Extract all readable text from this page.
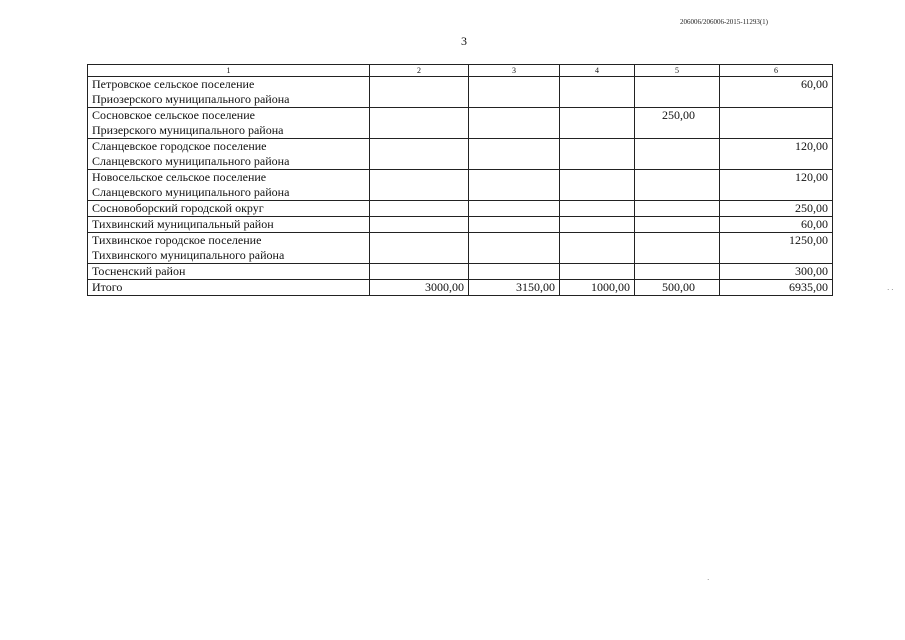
206006/206006-2015-11293(1)
3
1	2	3	4	5	6

Петровское сельское поселение
Приозерского муниципального района					60,00

Сосновское сельское поселение
Призерского муниципального района				250,00	

Сланцевское городское поселение
Сланцевского муниципального района					120,00

Новосельское сельское поселение
Сланцевского муниципального района					120,00

Сосновоборский городской округ					250,00

Тихвинский муниципальный район					60,00

Тихвинское городское поселение
Тихвинского муниципального района					1250,00

Тосненский район					300,00
Итого	3000,00	3150,00	1000,00	500,00	6935,00	· ·
·
